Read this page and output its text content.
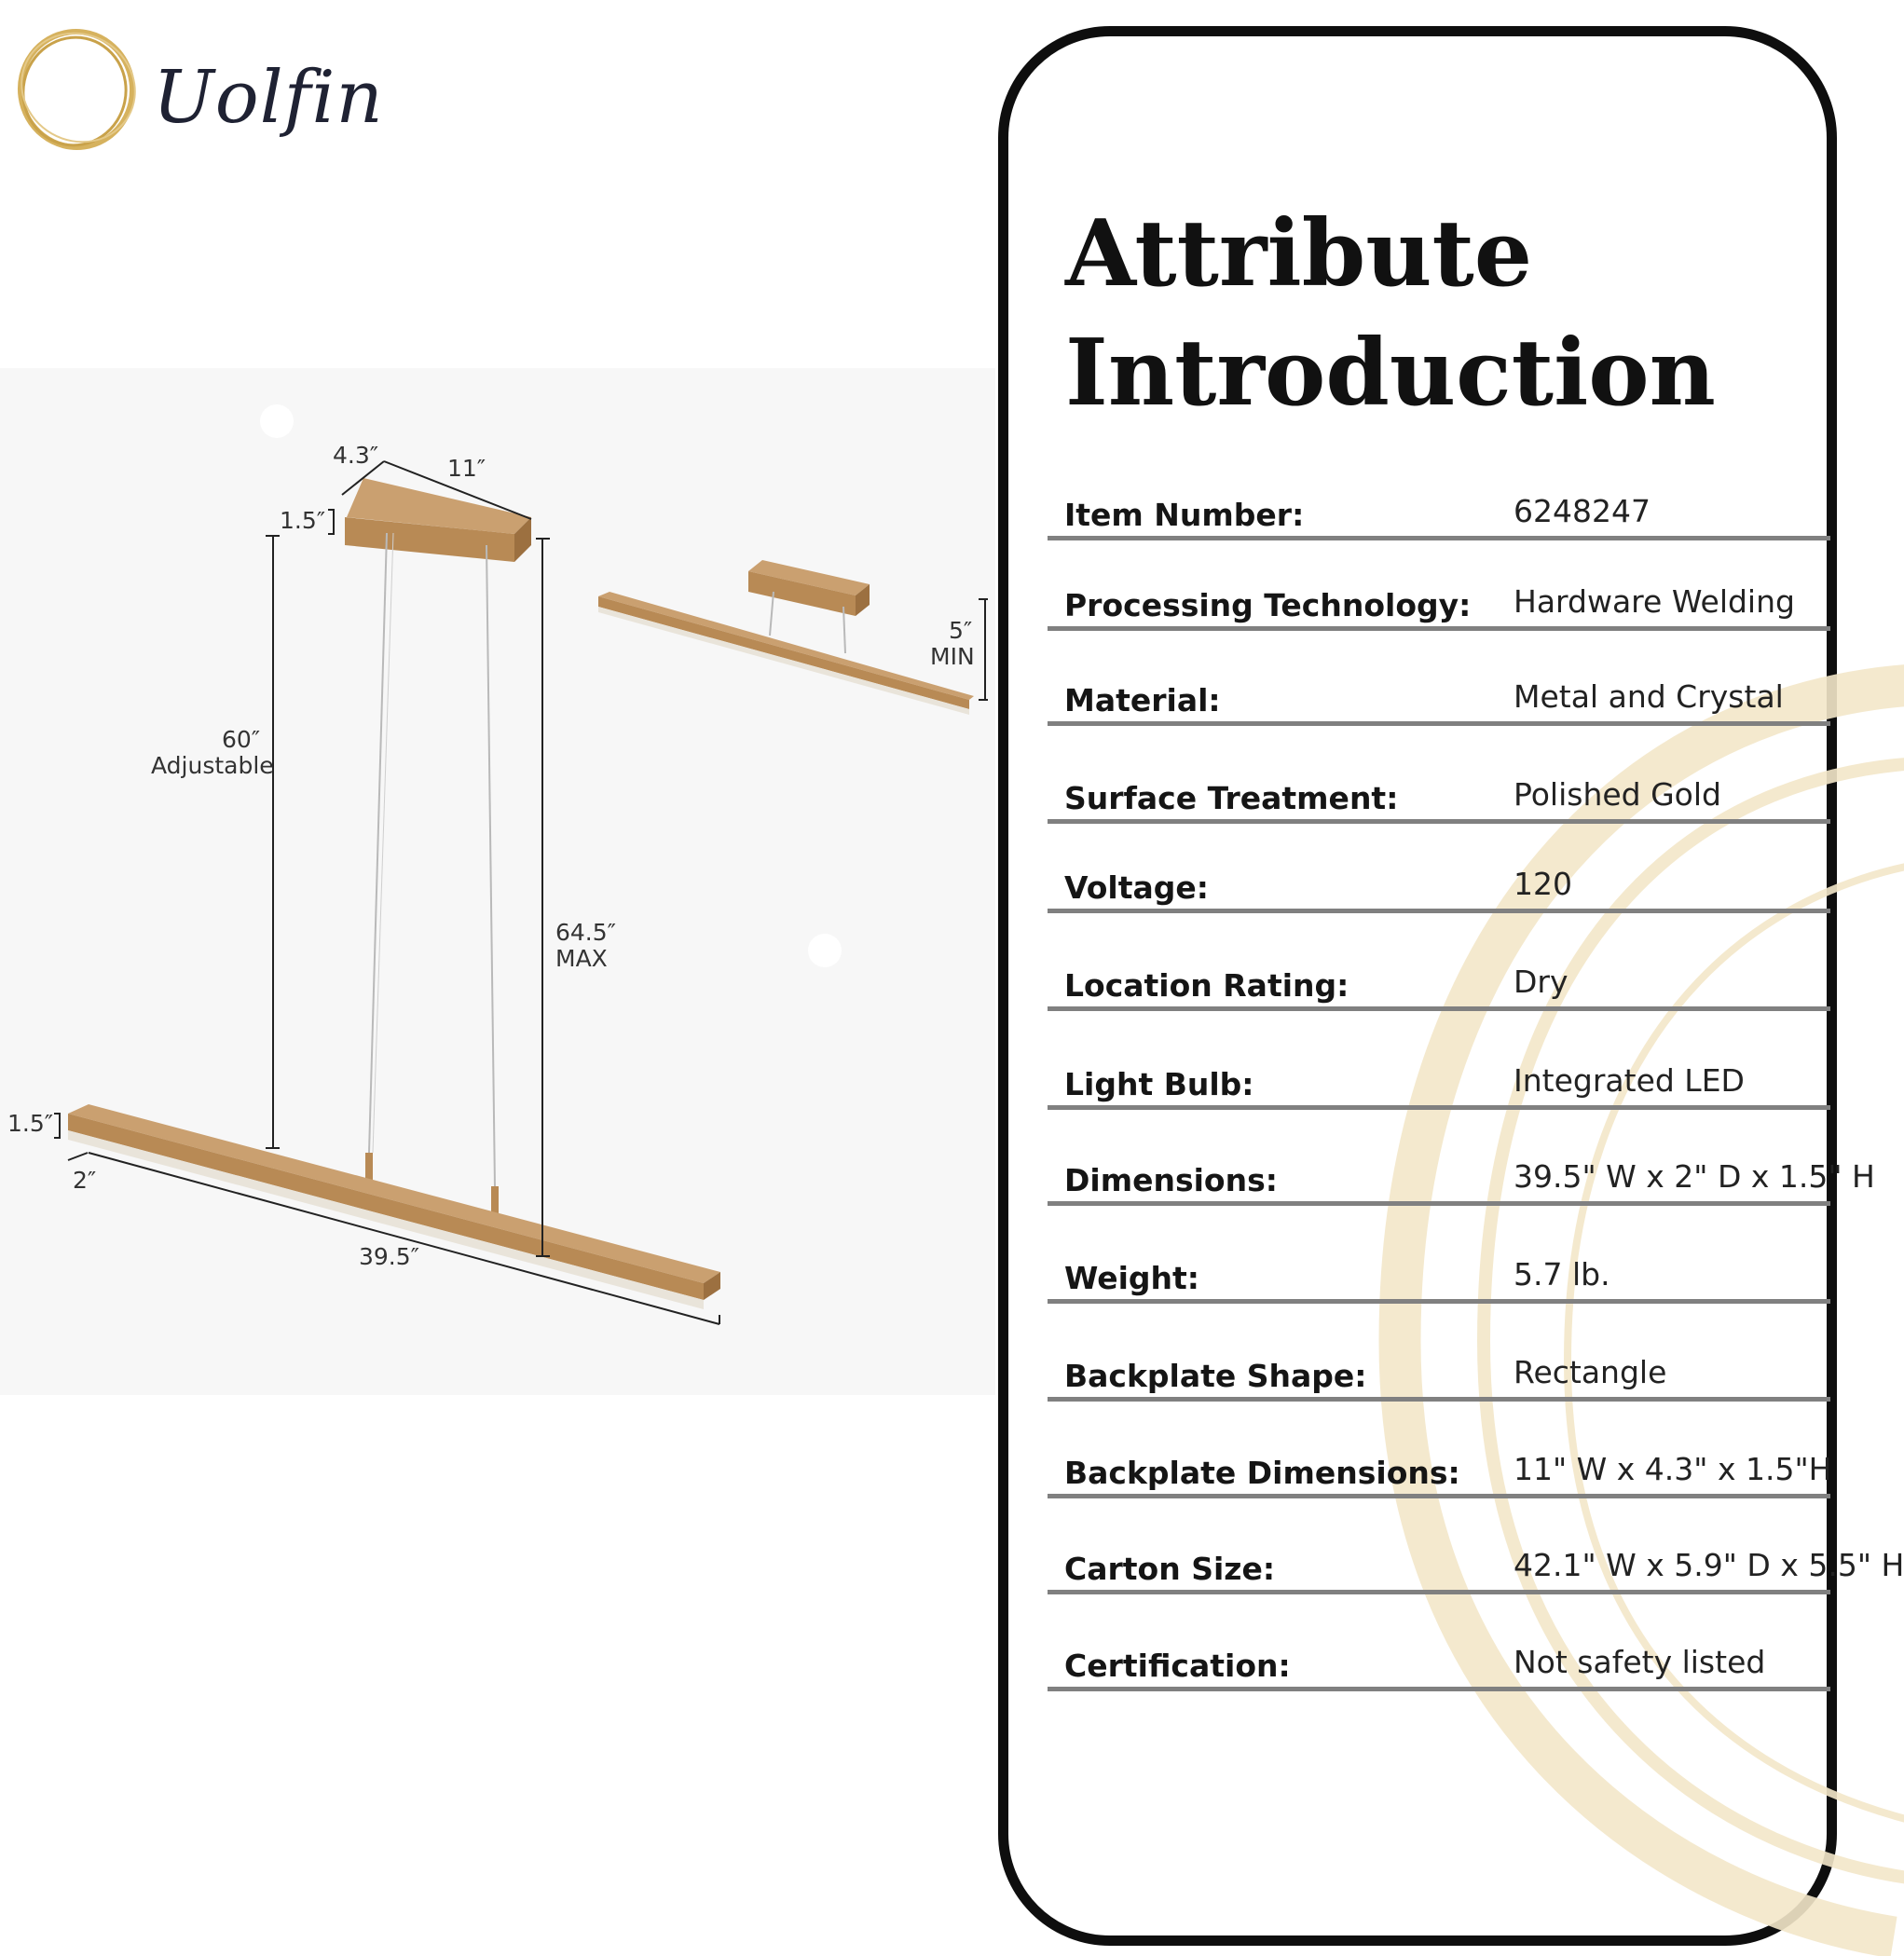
Uolfin
4.3″	11″
1.5″
60″
Adjustable
64.5″
MAX
5″
MIN
1.5″
2″
39.5″
Attribute
Introduction
Item Number:	6248247
Processing Technology: Hardware Welding
Material:	Metal and Crystal
Surface Treatment:	Polished Gold
Voltage:	120
Location Rating:	Dry
Light Bulb:	Integrated LED
Dimensions:	39.5" W x 2" D x 1.5" H
Weight:	5.7 lb.
Backplate Shape:	Rectangle
Backplate Dimensions: 11" W x 4.3" x 1.5"H
Carton Size:	42.1" W x 5.9" D x 5.5" H
Certification:	Not safety listed
